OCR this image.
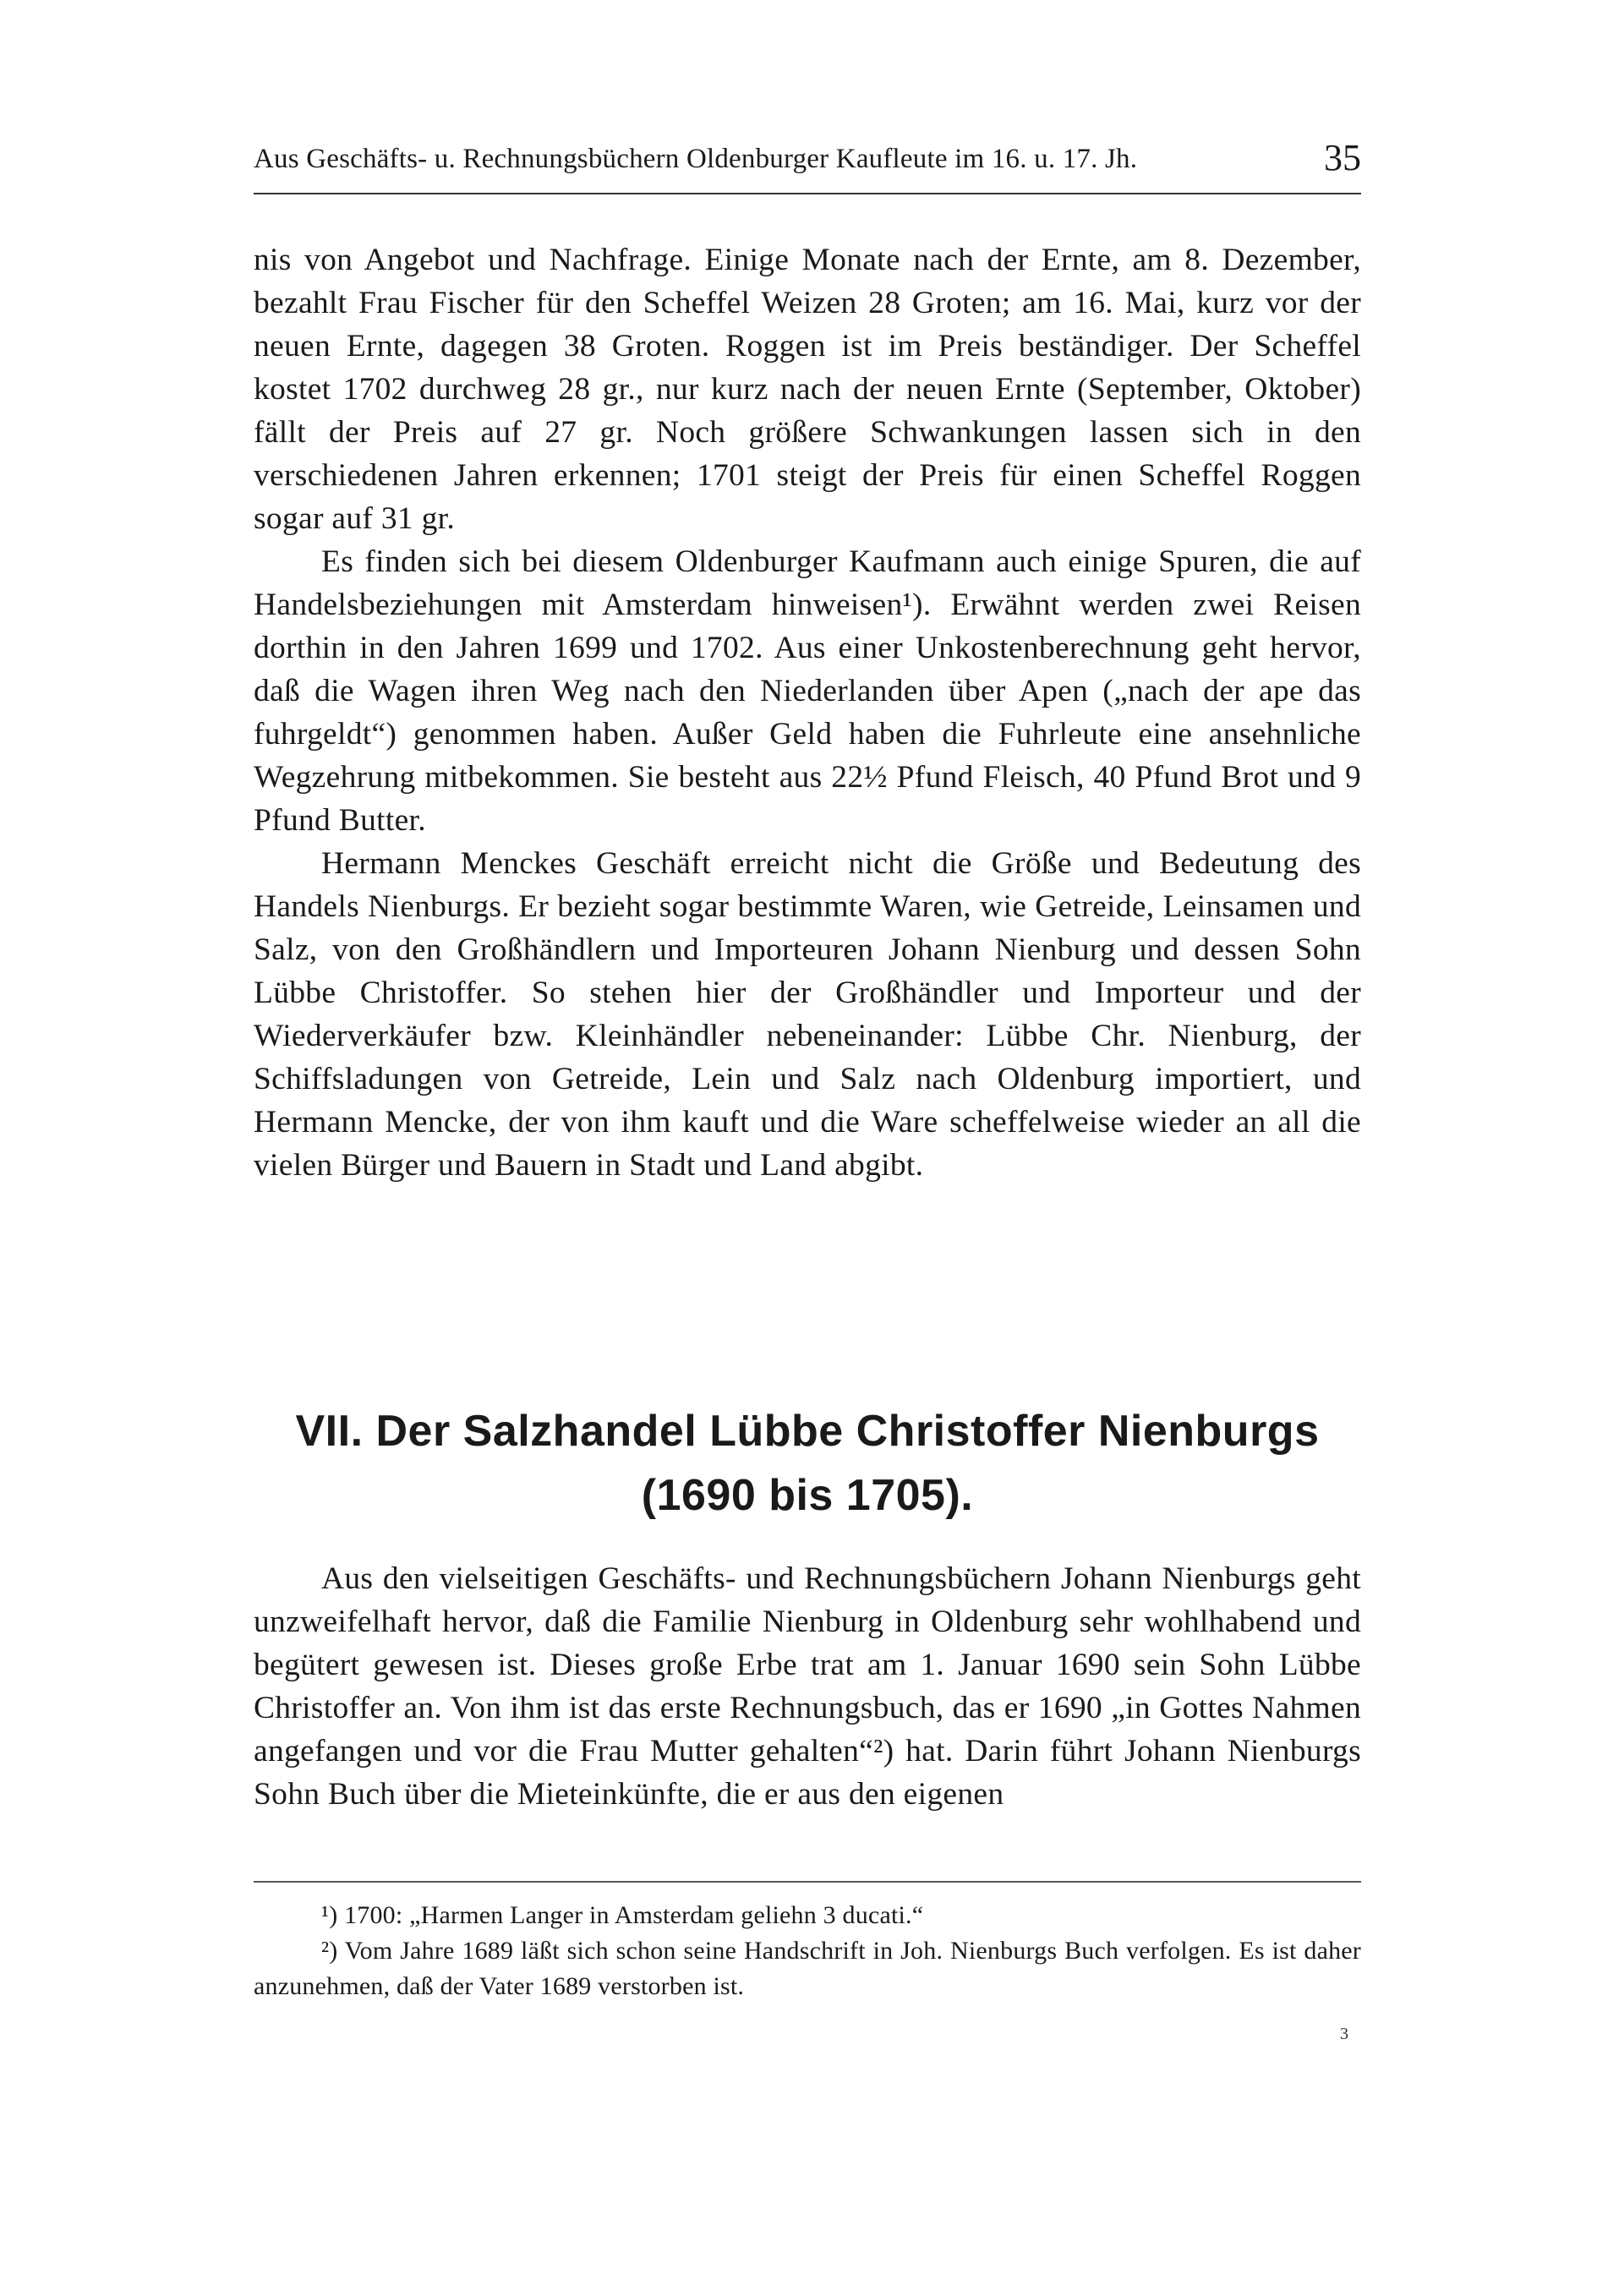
Aus Geschäfts- u. Rechnungsbüchern Oldenburger Kaufleute im 16. u. 17. Jh.	35

nis von Angebot und Nachfrage. Einige Monate nach der Ernte, am 8. Dezember, bezahlt Frau Fischer für den Scheffel Weizen 28 Groten; am 16. Mai, kurz vor der neuen Ernte, dagegen 38 Groten. Roggen ist im Preis beständiger. Der Scheffel kostet 1702 durchweg 28 gr., nur kurz nach der neuen Ernte (September, Oktober) fällt der Preis auf 27 gr. Noch größere Schwankungen lassen sich in den verschiedenen Jahren erkennen; 1701 steigt der Preis für einen Scheffel Roggen sogar auf 31 gr.

Es finden sich bei diesem Oldenburger Kaufmann auch einige Spuren, die auf Handelsbeziehungen mit Amsterdam hinweisen¹). Erwähnt werden zwei Reisen dorthin in den Jahren 1699 und 1702. Aus einer Unkostenberechnung geht hervor, daß die Wagen ihren Weg nach den Niederlanden über Apen („nach der ape das fuhrgeldt“) genommen haben. Außer Geld haben die Fuhrleute eine ansehnliche Wegzehrung mitbekommen. Sie besteht aus 22½ Pfund Fleisch, 40 Pfund Brot und 9 Pfund Butter.

Hermann Menckes Geschäft erreicht nicht die Größe und Bedeutung des Handels Nienburgs. Er bezieht sogar bestimmte Waren, wie Getreide, Leinsamen und Salz, von den Großhändlern und Importeuren Johann Nienburg und dessen Sohn Lübbe Christoffer. So stehen hier der Großhändler und Importeur und der Wiederverkäufer bzw. Kleinhändler nebeneinander: Lübbe Chr. Nienburg, der Schiffsladungen von Getreide, Lein und Salz nach Oldenburg importiert, und Hermann Mencke, der von ihm kauft und die Ware scheffelweise wieder an all die vielen Bürger und Bauern in Stadt und Land abgibt.

VII. Der Salzhandel Lübbe Christoffer Nienburgs
(1690 bis 1705).

Aus den vielseitigen Geschäfts- und Rechnungsbüchern Johann Nienburgs geht unzweifelhaft hervor, daß die Familie Nienburg in Oldenburg sehr wohlhabend und begütert gewesen ist. Dieses große Erbe trat am 1. Januar 1690 sein Sohn Lübbe Christoffer an. Von ihm ist das erste Rechnungsbuch, das er 1690 „in Gottes Nahmen angefangen und vor die Frau Mutter gehalten“²) hat. Darin führt Johann Nienburgs Sohn Buch über die Mieteinkünfte, die er aus den eigenen

¹) 1700: „Harmen Langer in Amsterdam geliehn 3 ducati.“

²) Vom Jahre 1689 läßt sich schon seine Handschrift in Joh. Nienburgs Buch verfolgen. Es ist daher anzunehmen, daß der Vater 1689 verstorben ist.

3
